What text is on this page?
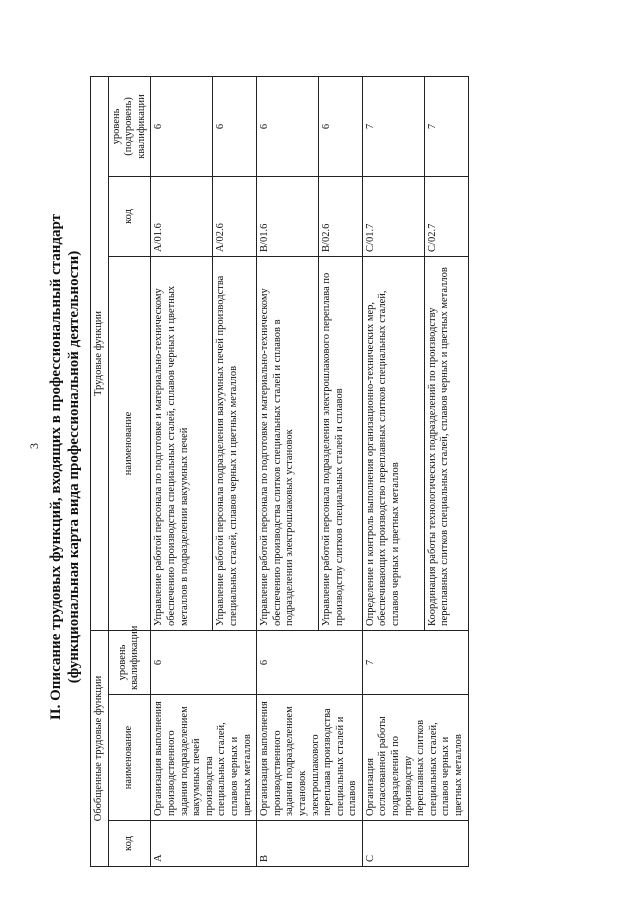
3 II. Описание трудовых функций, входящих в профессиональный стандарт (функциональная карта вида профессиональной деятельности)
Обобщенные трудовые функции			Трудовые функции		
код	наименование	уровень квалификации	наименование	код	уровень (подуровень) квалификации
A	Организация выполнения производственного задания подразделением вакуумных печей производства специальных сталей, сплавов черных и цветных металлов	6	Управление работой персонала по подготовке и материально-техническому обеспечению производства специальных сталей, сплавов черных и цветных металлов в подразделении вакуумных печей	A/01.6	6
			Управление работой персонала подразделения вакуумных печей производства специальных сталей, сплавов черных и цветных металлов	A/02.6	6
B	Организация выполнения производственного задания подразделением установок электрошлакового переплава производства специальных сталей и сплавов	6	Управление работой персонала по подготовке и материально-техническому обеспечению производства слитков специальных сталей и сплавов в подразделении электрошлаковых установок	B/01.6	6
			Управление работой персонала подразделения электрошлакового переплава по производству слитков специальных сталей и сплавов	B/02.6	6
C	Организация согласованной работы подразделений по производству переплавных слитков специальных сталей, сплавов черных и цветных металлов	7	Определение и контроль выполнения организационно-технических мер, обеспечивающих производство переплавных слитков специальных сталей, сплавов черных и цветных металлов	C/01.7	7
			Координация работы технологических подразделений по производству переплавных слитков специальных сталей, сплавов черных и цветных металлов	C/02.7	7
